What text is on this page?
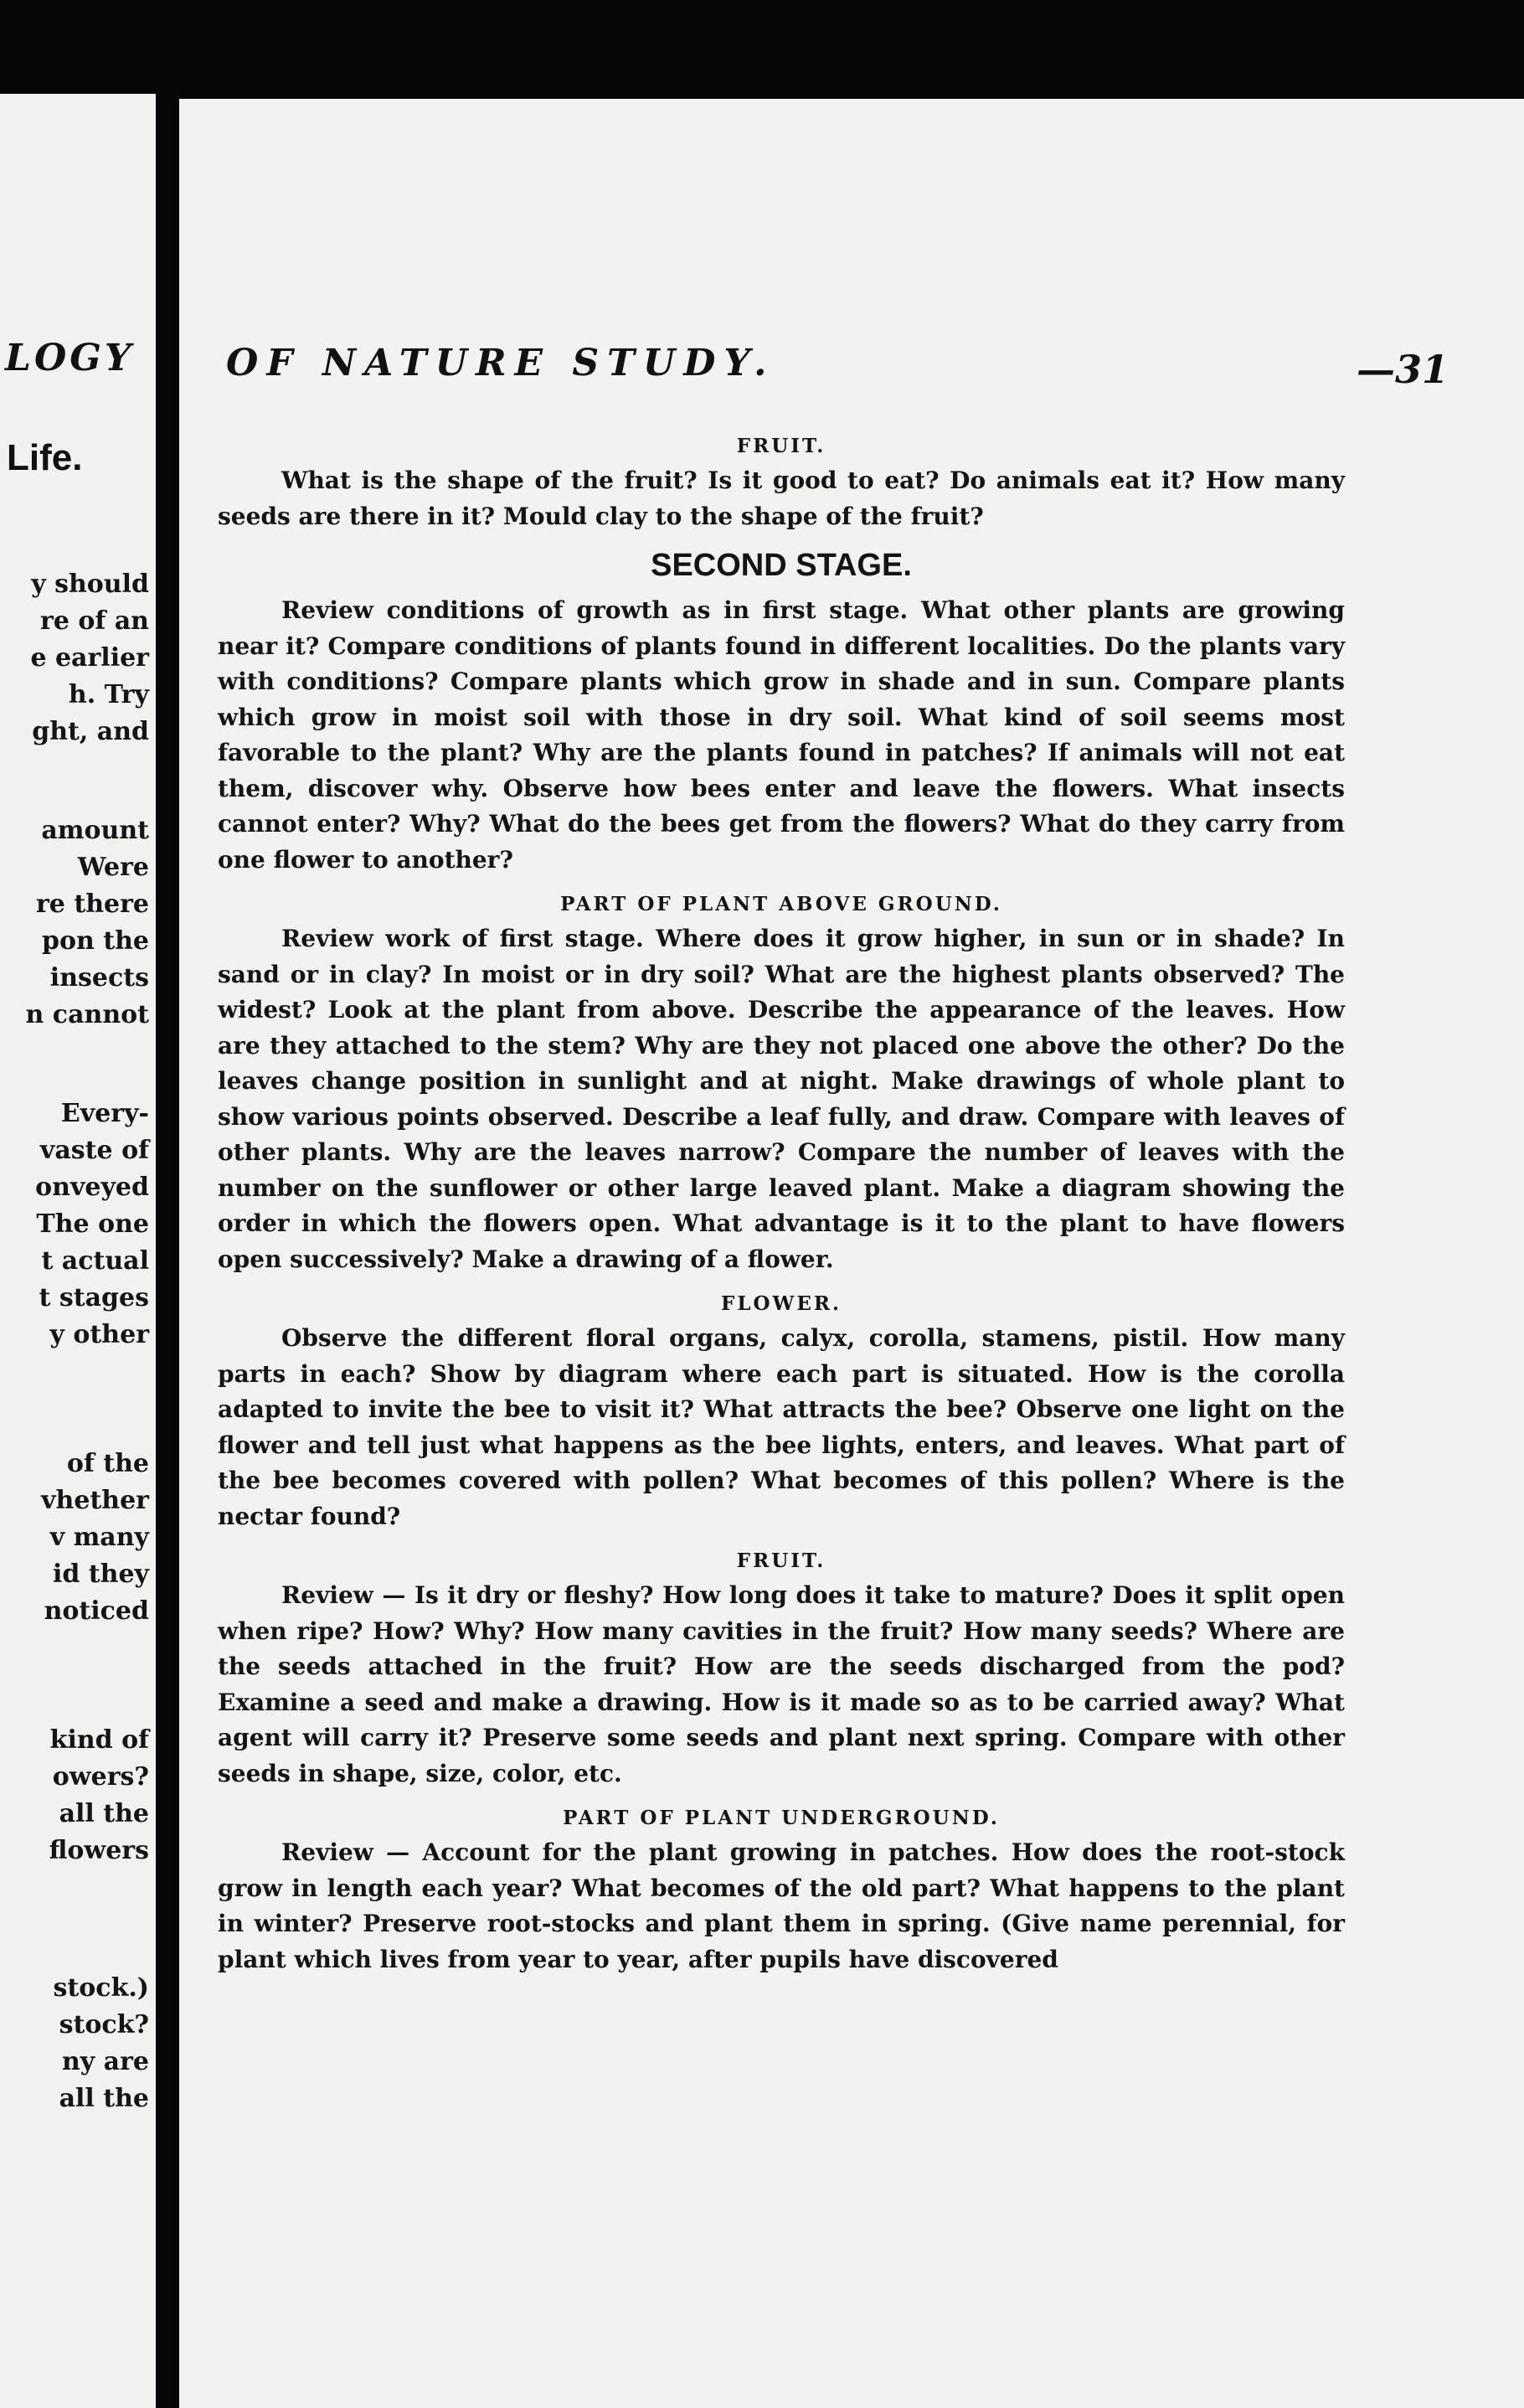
LOGY
Life.
y should
re of an
e earlier
h. Try
ght, and
amount
Were
re there
pon the
insects
n cannot
Every-
vaste of
onveyed
The one
t actual
t stages
y other
of the
vhether
v many
id they
noticed
kind of
owers?
all the
flowers
stock.)
stock?
ny are
all the
OF NATURE STUDY.	—31
FRUIT.

What is the shape of the fruit? Is it good to eat? Do animals eat it? How many seeds are there in it? Mould clay to the shape of the fruit?

SECOND STAGE.

Review conditions of growth as in first stage. What other plants are growing near it? Compare conditions of plants found in different localities. Do the plants vary with conditions? Compare plants which grow in shade and in sun. Compare plants which grow in moist soil with those in dry soil. What kind of soil seems most favorable to the plant? Why are the plants found in patches? If animals will not eat them, discover why. Observe how bees enter and leave the flowers. What insects cannot enter? Why? What do the bees get from the flowers? What do they carry from one flower to another?

PART OF PLANT ABOVE GROUND.

Review work of first stage. Where does it grow higher, in sun or in shade? In sand or in clay? In moist or in dry soil? What are the highest plants observed? The widest? Look at the plant from above. Describe the appearance of the leaves. How are they attached to the stem? Why are they not placed one above the other? Do the leaves change position in sunlight and at night. Make drawings of whole plant to show various points observed. Describe a leaf fully, and draw. Compare with leaves of other plants. Why are the leaves narrow? Compare the number of leaves with the number on the sunflower or other large leaved plant. Make a diagram showing the order in which the flowers open. What advantage is it to the plant to have flowers open successively? Make a drawing of a flower.

FLOWER.

Observe the different floral organs, calyx, corolla, stamens, pistil. How many parts in each? Show by diagram where each part is situated. How is the corolla adapted to invite the bee to visit it? What attracts the bee? Observe one light on the flower and tell just what happens as the bee lights, enters, and leaves. What part of the bee becomes covered with pollen? What becomes of this pollen? Where is the nectar found?

FRUIT.

Review — Is it dry or fleshy? How long does it take to mature? Does it split open when ripe? How? Why? How many cavities in the fruit? How many seeds? Where are the seeds attached in the fruit? How are the seeds discharged from the pod? Examine a seed and make a drawing. How is it made so as to be carried away? What agent will carry it? Preserve some seeds and plant next spring. Compare with other seeds in shape, size, color, etc.

PART OF PLANT UNDERGROUND.

Review — Account for the plant growing in patches. How does the root-stock grow in length each year? What becomes of the old part? What happens to the plant in winter? Preserve root-stocks and plant them in spring. (Give name perennial, for plant which lives from year to year, after pupils have discovered
